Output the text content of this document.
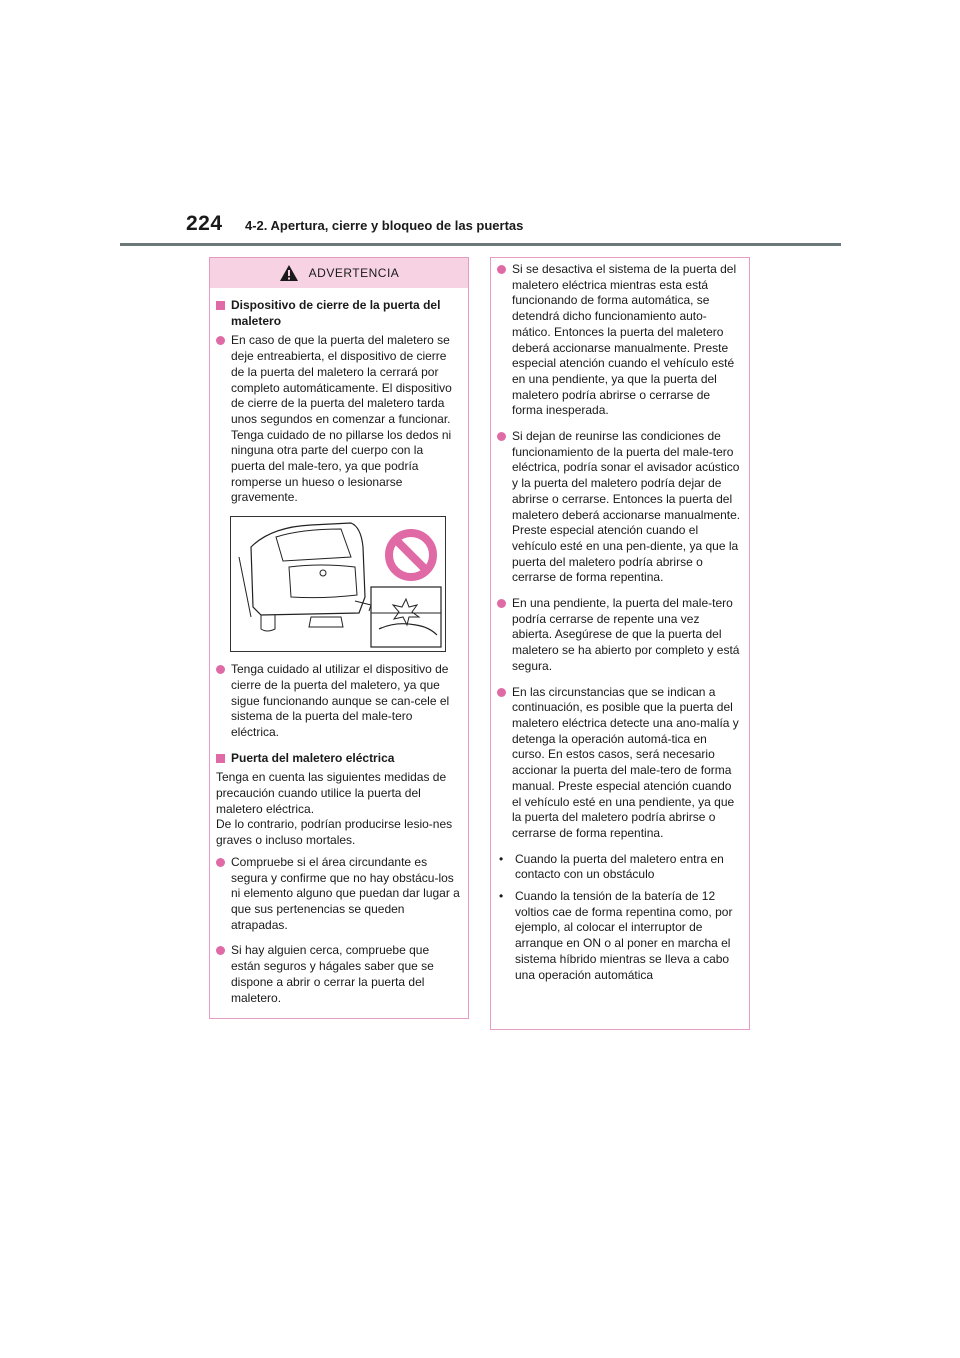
224 4-2. Apertura, cierre y bloqueo de las puertas
ADVERTENCIA
Dispositivo de cierre de la puerta del maletero
En caso de que la puerta del maletero se deje entreabierta, el dispositivo de cierre de la puerta del maletero la cerrará por completo automáticamente. El dispositivo de cierre de la puerta del maletero tarda unos segundos en comenzar a funcionar. Tenga cuidado de no pillarse los dedos ni ninguna otra parte del cuerpo con la puerta del male-tero, ya que podría romperse un hueso o lesionarse gravemente.
Tenga cuidado al utilizar el dispositivo de cierre de la puerta del maletero, ya que sigue funcionando aunque se can-cele el sistema de la puerta del male-tero eléctrica.
Puerta del maletero eléctrica
Tenga en cuenta las siguientes medidas de precaución cuando utilice la puerta del maletero eléctrica.
De lo contrario, podrían producirse lesio-nes graves o incluso mortales.
Compruebe si el área circundante es segura y confirme que no hay obstácu-los ni elemento alguno que puedan dar lugar a que sus pertenencias se queden atrapadas.
Si hay alguien cerca, compruebe que están seguros y hágales saber que se dispone a abrir o cerrar la puerta del maletero.
Si se desactiva el sistema de la puerta del maletero eléctrica mientras esta está funcionando de forma automática, se detendrá dicho funcionamiento auto-mático. Entonces la puerta del maletero deberá accionarse manualmente. Preste especial atención cuando el vehículo esté en una pendiente, ya que la puerta del maletero podría abrirse o cerrarse de forma inesperada.
Si dejan de reunirse las condiciones de funcionamiento de la puerta del male-tero eléctrica, podría sonar el avisador acústico y la puerta del maletero podría dejar de abrirse o cerrarse. Entonces la puerta del maletero deberá accionarse manualmente. Preste especial atención cuando el vehículo esté en una pen-diente, ya que la puerta del maletero podría abrirse o cerrarse de forma repentina.
En una pendiente, la puerta del male-tero podría cerrarse de repente una vez abierta. Asegúrese de que la puerta del maletero se ha abierto por completo y está segura.
En las circunstancias que se indican a continuación, es posible que la puerta del maletero eléctrica detecte una ano-malía y detenga la operación automá-tica en curso. En estos casos, será necesario accionar la puerta del male-tero de forma manual. Preste especial atención cuando el vehículo esté en una pendiente, ya que la puerta del maletero podría abrirse o cerrarse de forma repentina.
• Cuando la puerta del maletero entra en contacto con un obstáculo
• Cuando la tensión de la batería de 12 voltios cae de forma repentina como, por ejemplo, al colocar el interruptor de arranque en ON o al poner en marcha el sistema híbrido mientras se lleva a cabo una operación automática
